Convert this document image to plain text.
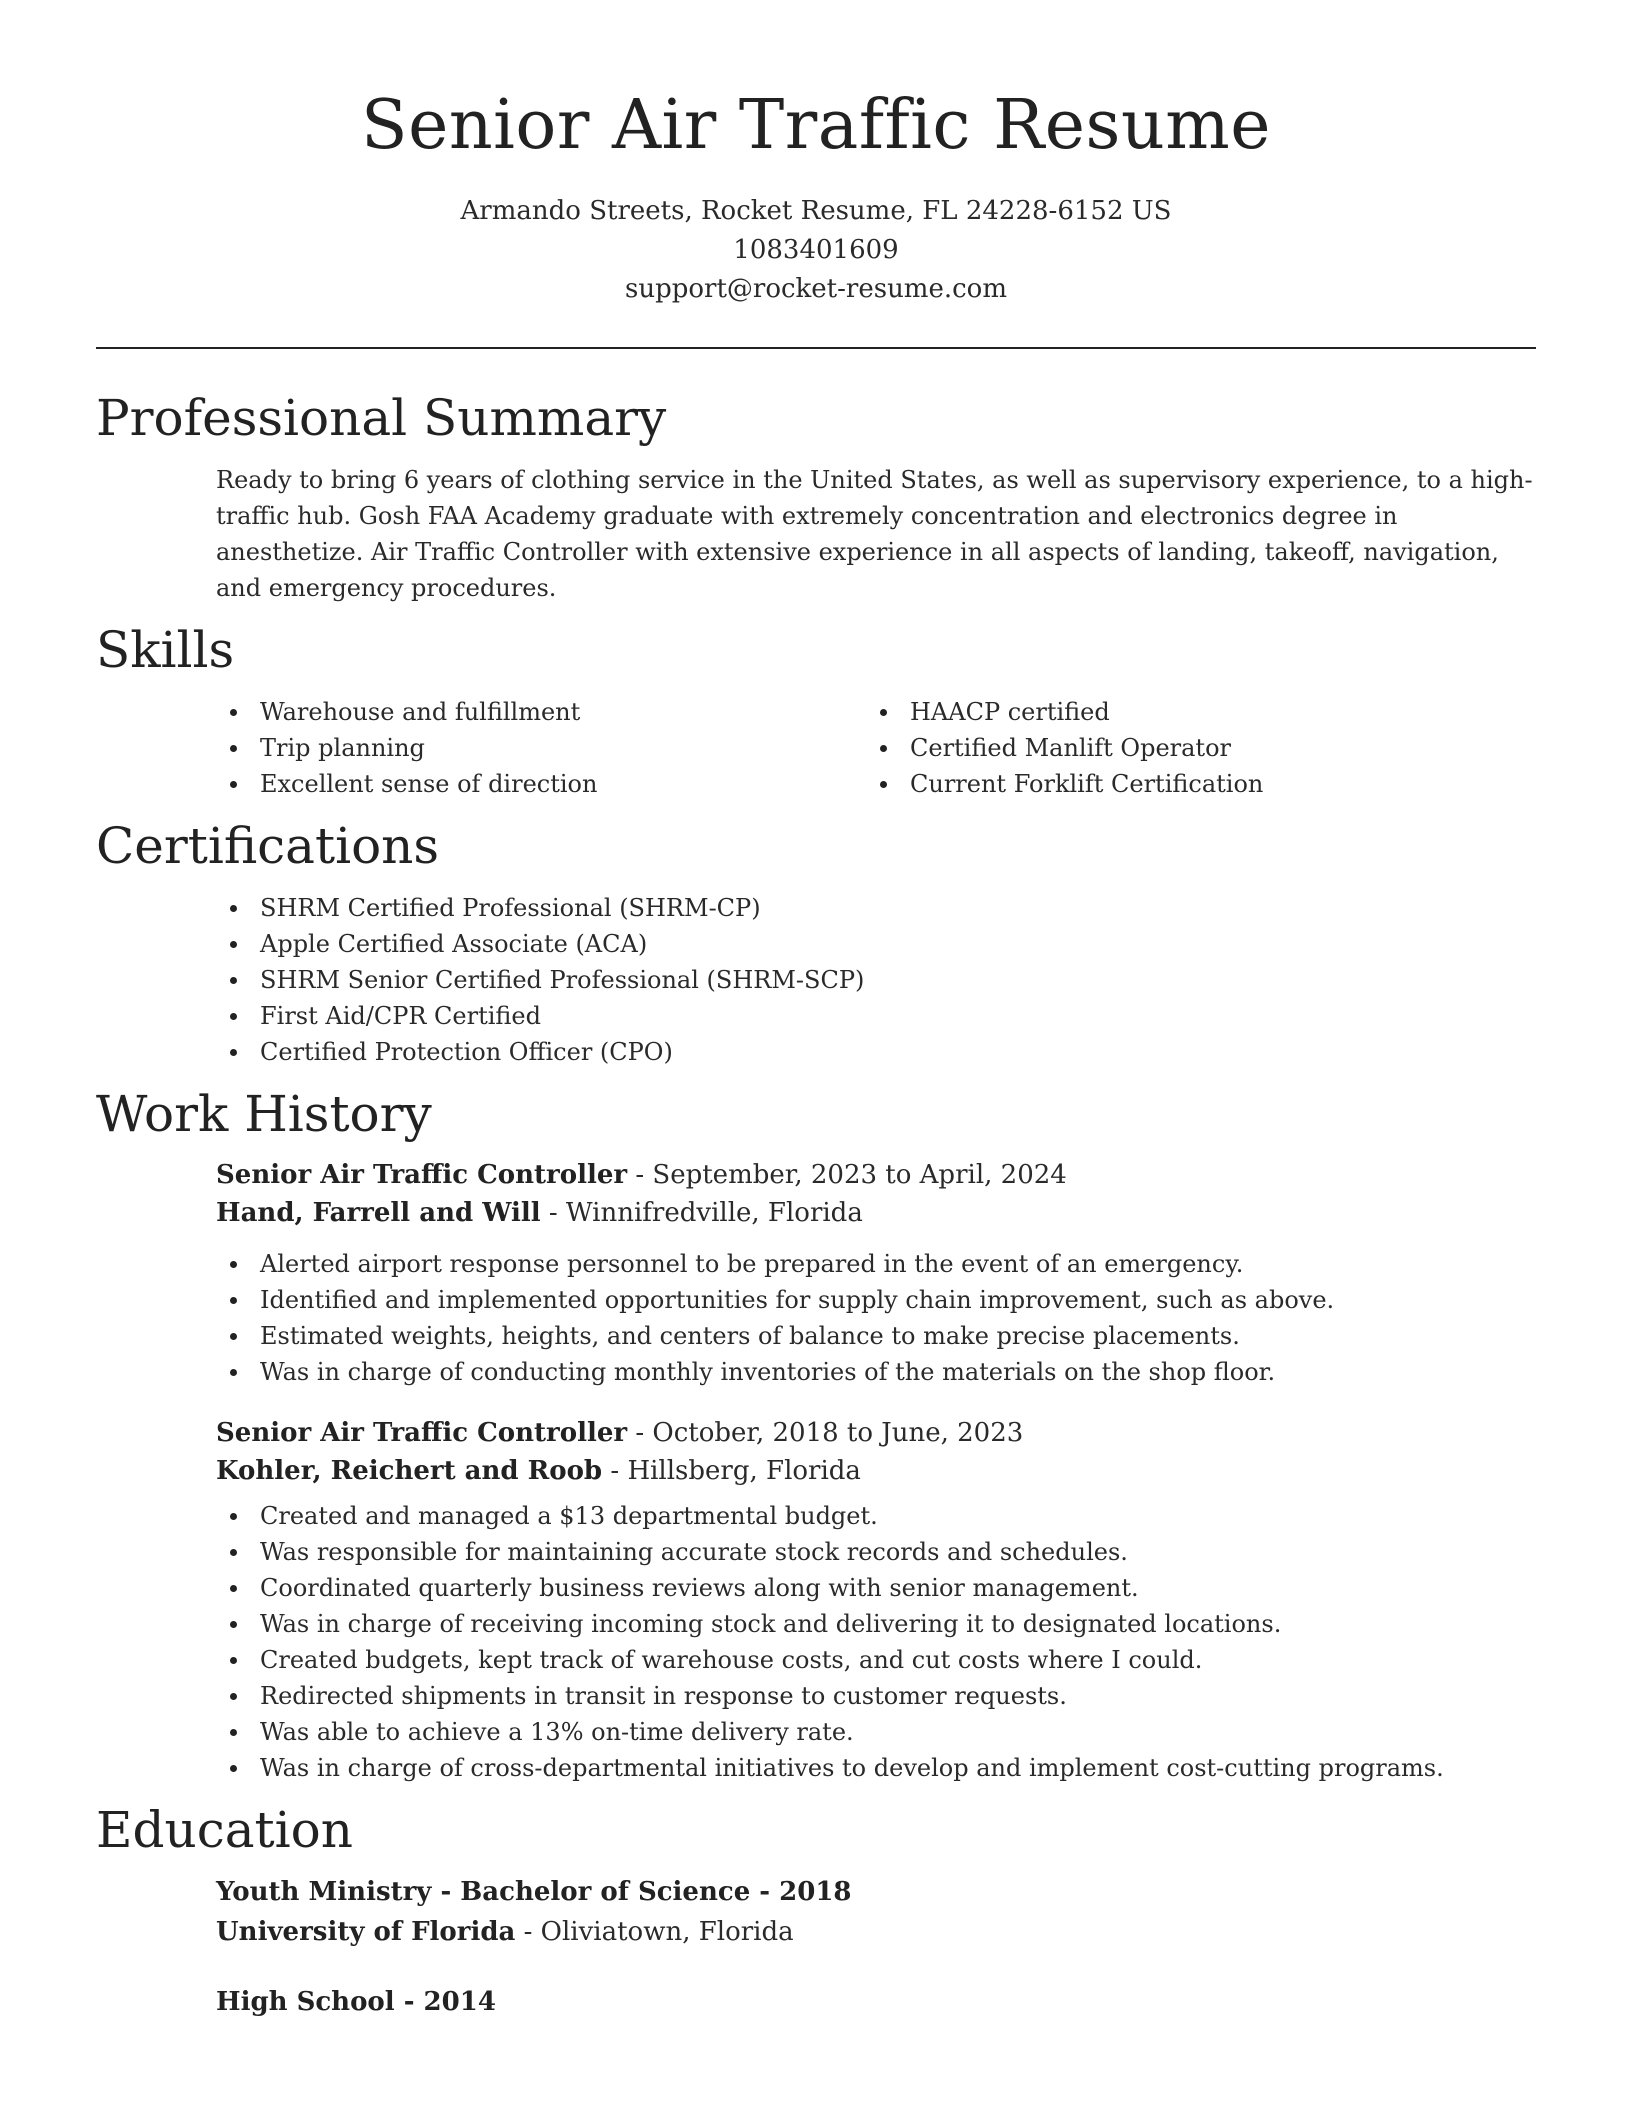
Senior Air Traffic Resume
Armando Streets, Rocket Resume, FL 24228-6152 US
1083401609
support@rocket-resume.com
Professional Summary

Ready to bring 6 years of clothing service in the United States, as well as supervisory experience, to a high-traffic hub. Gosh FAA Academy graduate with extremely concentration and electronics degree in anesthetize. Air Traffic Controller with extensive experience in all aspects of landing, takeoff, navigation, and emergency procedures.

Skills
Warehouse and fulfillment
Trip planning
Excellent sense of direction
HAACP certified
Certified Manlift Operator
Current Forklift Certification
Certifications
SHRM Certified Professional (SHRM-CP)
Apple Certified Associate (ACA)
SHRM Senior Certified Professional (SHRM-SCP)
First Aid/CPR Certified
Certified Protection Officer (CPO)
Work History
Senior Air Traffic Controller - September, 2023 to April, 2024
Hand, Farrell and Will - Winnifredville, Florida
Alerted airport response personnel to be prepared in the event of an emergency.
Identified and implemented opportunities for supply chain improvement, such as above.
Estimated weights, heights, and centers of balance to make precise placements.
Was in charge of conducting monthly inventories of the materials on the shop floor.
Senior Air Traffic Controller - October, 2018 to June, 2023
Kohler, Reichert and Roob - Hillsberg, Florida
Created and managed a $13 departmental budget.
Was responsible for maintaining accurate stock records and schedules.
Coordinated quarterly business reviews along with senior management.
Was in charge of receiving incoming stock and delivering it to designated locations.
Created budgets, kept track of warehouse costs, and cut costs where I could.
Redirected shipments in transit in response to customer requests.
Was able to achieve a 13% on-time delivery rate.
Was in charge of cross-departmental initiatives to develop and implement cost-cutting programs.
Education
Youth Ministry - Bachelor of Science - 2018
University of Florida - Oliviatown, Florida
High School - 2014
